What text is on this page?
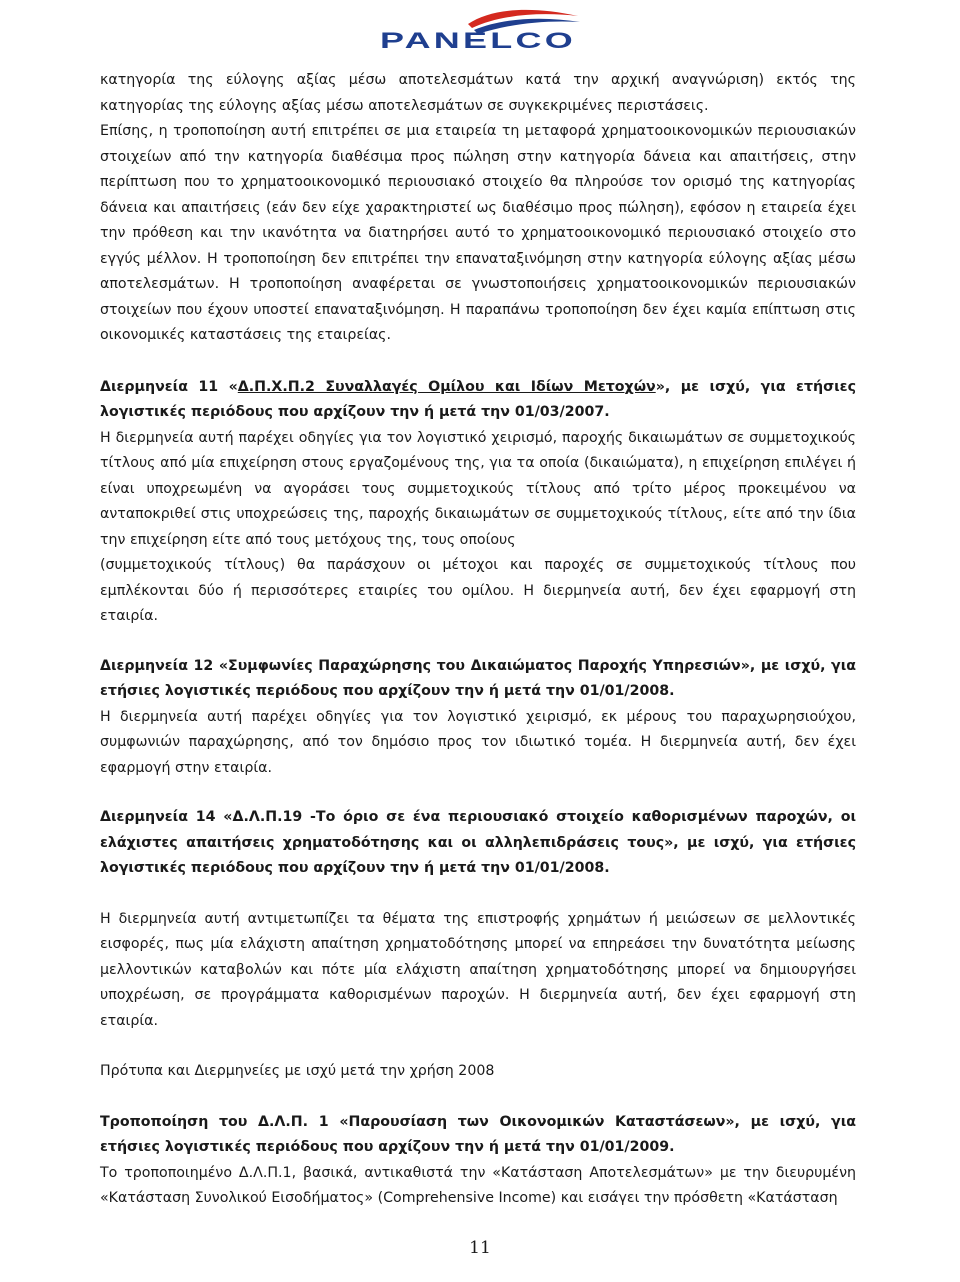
PANELCO

κατηγορία της εύλογης αξίας μέσω αποτελεσμάτων κατά την αρχική αναγνώριση) εκτός της κατηγορίας της εύλογης αξίας μέσω αποτελεσμάτων σε συγκεκριμένες περιστάσεις.

Επίσης, η τροποποίηση αυτή επιτρέπει σε μια εταιρεία τη μεταφορά χρηματοοικονομικών περιουσιακών στοιχείων από την κατηγορία διαθέσιμα προς πώληση στην κατηγορία δάνεια και απαιτήσεις, στην περίπτωση που το χρηματοοικονομικό περιουσιακό στοιχείο θα πληρούσε τον ορισμό της κατηγορίας δάνεια και απαιτήσεις (εάν δεν είχε χαρακτηριστεί ως διαθέσιμο προς πώληση), εφόσον η εταιρεία έχει την πρόθεση και την ικανότητα να διατηρήσει αυτό το χρηματοοικονομικό περιουσιακό στοιχείο στο εγγύς μέλλον. Η τροποποίηση δεν επιτρέπει την επαναταξινόμηση στην κατηγορία εύλογης αξίας μέσω αποτελεσμάτων. Η τροποποίηση αναφέρεται σε γνωστοποιήσεις χρηματοοικονομικών περιουσιακών στοιχείων που έχουν υποστεί επαναταξινόμηση. Η παραπάνω τροποποίηση δεν έχει καμία επίπτωση στις οικονομικές καταστάσεις της εταιρείας.

Διερμηνεία 11 «Δ.Π.Χ.Π.2 Συναλλαγές Ομίλου και Ιδίων Μετοχών», με ισχύ, για ετήσιες λογιστικές περιόδους που αρχίζουν την ή μετά την 01/03/2007.

Η διερμηνεία αυτή παρέχει οδηγίες για τον λογιστικό χειρισμό, παροχής δικαιωμάτων σε συμμετοχικούς τίτλους από μία επιχείρηση στους εργαζομένους της, για τα οποία (δικαιώματα), η επιχείρηση επιλέγει ή είναι υποχρεωμένη να αγοράσει τους συμμετοχικούς τίτλους από τρίτο μέρος προκειμένου να ανταποκριθεί στις υποχρεώσεις της, παροχής δικαιωμάτων σε συμμετοχικούς τίτλους, είτε από την ίδια την επιχείρηση είτε από τους μετόχους της, τους οποίους

(συμμετοχικούς τίτλους) θα παράσχουν οι μέτοχοι και παροχές σε συμμετοχικούς τίτλους που εμπλέκονται δύο ή περισσότερες εταιρίες του ομίλου. Η διερμηνεία αυτή, δεν έχει εφαρμογή στη εταιρία.

Διερμηνεία 12 «Συμφωνίες Παραχώρησης του Δικαιώματος Παροχής Υπηρεσιών», με ισχύ, για ετήσιες λογιστικές περιόδους που αρχίζουν την ή μετά την 01/01/2008.

Η διερμηνεία αυτή παρέχει οδηγίες για τον λογιστικό χειρισμό, εκ μέρους του παραχωρησιούχου, συμφωνιών παραχώρησης, από τον δημόσιο προς τον ιδιωτικό τομέα. Η διερμηνεία αυτή, δεν έχει εφαρμογή στην εταιρία.

Διερμηνεία 14 «Δ.Λ.Π.19 -Το όριο σε ένα περιουσιακό στοιχείο καθορισμένων παροχών, οι ελάχιστες απαιτήσεις χρηματοδότησης και οι αλληλεπιδράσεις τους», με ισχύ, για ετήσιες λογιστικές περιόδους που αρχίζουν την ή μετά την 01/01/2008.

Η διερμηνεία αυτή αντιμετωπίζει τα θέματα της επιστροφής χρημάτων ή μειώσεων σε μελλοντικές εισφορές, πως μία ελάχιστη απαίτηση χρηματοδότησης μπορεί να επηρεάσει την δυνατότητα μείωσης μελλοντικών καταβολών και πότε μία ελάχιστη απαίτηση χρηματοδότησης μπορεί να δημιουργήσει υποχρέωση, σε προγράμματα καθορισμένων παροχών. Η διερμηνεία αυτή, δεν έχει εφαρμογή στη εταιρία.

Πρότυπα και Διερμηνείες με ισχύ μετά την χρήση 2008

Τροποποίηση του Δ.Λ.Π. 1 «Παρουσίαση των Οικονομικών Καταστάσεων», με ισχύ, για ετήσιες λογιστικές περιόδους που αρχίζουν την ή μετά την 01/01/2009.

Το τροποποιημένο Δ.Λ.Π.1, βασικά, αντικαθιστά την «Κατάσταση Αποτελεσμάτων» με την διευρυμένη «Κατάσταση Συνολικού Εισοδήματος» (Comprehensive Income) και εισάγει την πρόσθετη «Κατάσταση

11
